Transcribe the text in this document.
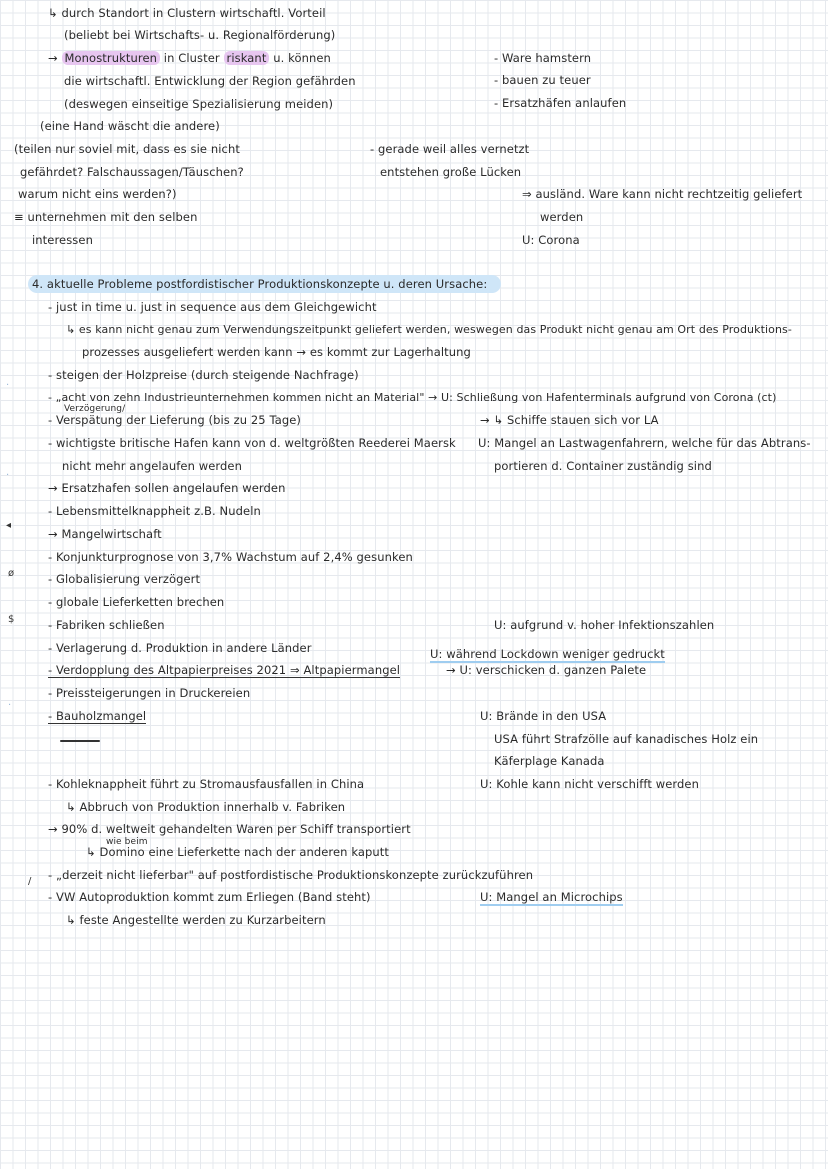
↳ durch Standort in Clustern wirtschaftl. Vorteil
(beliebt bei Wirtschafts- u. Regionalförderung)
→ Monostrukturen in Cluster riskant u. können
die wirtschaftl. Entwicklung der Region gefährden
(deswegen einseitige Spezialisierung meiden)
(eine Hand wäscht die andere)
(teilen nur soviel mit, dass es sie nicht
gefährdet? Falschaussagen/Täuschen?
warum nicht eins werden?)
≡ unternehmen mit den selben
interessen
- Ware hamstern
- bauen zu teuer
- Ersatzhäfen anlaufen
- gerade weil alles vernetzt
entstehen große Lücken
⇒ ausländ. Ware kann nicht rechtzeitig geliefert
werden
U: Corona
4. aktuelle Probleme postfordistischer Produktionskonzepte u. deren Ursache:
·
·
◂
ø
$
·
/
- just in time u. just in sequence aus dem Gleichgewicht
↳ es kann nicht genau zum Verwendungszeitpunkt geliefert werden, weswegen das Produkt nicht genau am Ort des Produktions-
prozesses ausgeliefert werden kann → es kommt zur Lagerhaltung
- steigen der Holzpreise (durch steigende Nachfrage)
- „acht von zehn Industrieunternehmen kommen nicht an Material" → U: Schließung von Hafenterminals aufgrund von Corona (ct)
Verzögerung/
- Verspätung der Lieferung (bis zu 25 Tage)	→ ↳ Schiffe stauen sich vor LA
- wichtigste britische Hafen kann von d. weltgrößten Reederei Maersk U: Mangel an Lastwagenfahrern, welche für das Abtrans-
nicht mehr angelaufen werden	portieren d. Container zuständig sind
→ Ersatzhafen sollen angelaufen werden
- Lebensmittelknappheit z.B. Nudeln
→ Mangelwirtschaft
- Konjunkturprognose von 3,7% Wachstum auf 2,4% gesunken
- Globalisierung verzögert
- globale Lieferketten brechen
- Fabriken schließen	U: aufgrund v. hoher Infektionszahlen
- Verlagerung d. Produktion in andere Länder	U: während Lockdown weniger gedruckt
- Verdopplung des Altpapierpreises 2021 ⇒ Altpapiermangel	→ U: verschicken d. ganzen Palete
- Preissteigerungen in Druckereien
- Bauholzmangel	U: Brände in den USA
USA führt Strafzölle auf kanadisches Holz ein
Käferplage Kanada
- Kohleknappheit führt zu Stromausfausfallen in China	U: Kohle kann nicht verschifft werden
↳ Abbruch von Produktion innerhalb v. Fabriken
→ 90% d. weltweit gehandelten Waren per Schiff transportiert
wie beim
↳ Domino eine Lieferkette nach der anderen kaputt
- „derzeit nicht lieferbar" auf postfordistische Produktionskonzepte zurückzuführen
- VW Autoproduktion kommt zum Erliegen (Band steht)	U: Mangel an Microchips
↳ feste Angestellte werden zu Kurzarbeitern
